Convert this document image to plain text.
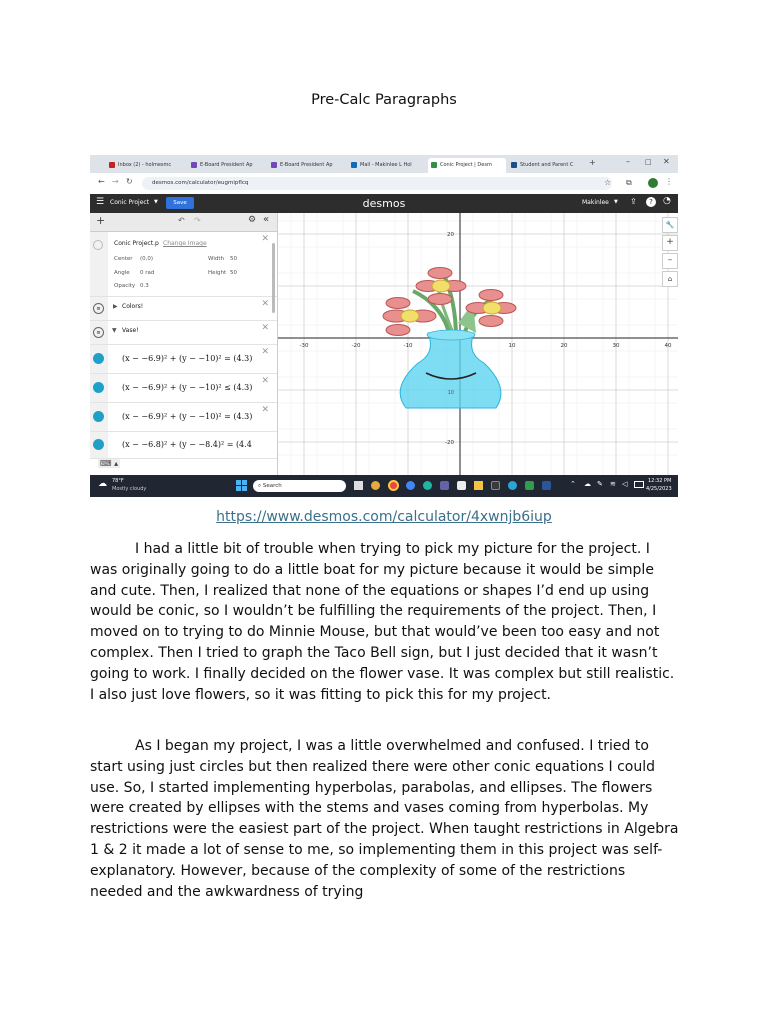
Pre-Calc Paragraphs
Inbox (2) - holmesmc	E-Board President Ap	E-Board President Ap	Mail - Makinlee L Hol	Conic Project | Desm	Student and Parent C	+	– □ ✕
← → ↻	desmos.com/calculator/eugmipflcq	☆ ⧉	⋮
☰ Conic Project ▼	Save	desmos	Makinlee ▼ ⇪	?	◔
+	↶ ↷	⚙ «
Conic Project.p Change Image
Center (0,0)	Width 50
Angle 0 rad	Height 50
Opacity 0.3
✕
≡	▶ Colors!	✕
≡	▼ Vase!	✕
(x − −6.9)² + (y − −10)² = (4.3)
✕
(x − −6.9)² + (y − −10)² ≤ (4.3)
✕
(x − −6.9)² + (y − −10)² = (4.3)
✕
(x − −6.8)² + (y − −8.4)² = (4.4
⌨ ▴
-30	-20	-10	10	20	30	40
20
-20
10
🔧
+
–
⌂
☁ 78°F
Mostly cloudy	⌕ Search	⌃ ☁ ✎ ≋ ◁	12:32 PM
4/25/2023
https://www.desmos.com/calculator/4xwnjb6iup

I had a little bit of trouble when trying to pick my picture for the project. I was originally going to do a little boat for my picture because it would be simple and cute. Then, I realized that none of the equations or shapes I’d end up using would be conic, so I wouldn’t be fulfilling the requirements of the project. Then, I moved on to trying to do Minnie Mouse, but that would’ve been too easy and not complex. Then I tried to graph the Taco Bell sign, but I just decided that it wasn’t going to work. I finally decided on the flower vase. It was complex but still realistic. I also just love flowers, so it was fitting to pick this for my project.

As I began my project, I was a little overwhelmed and confused. I tried to start using just circles but then realized there were other conic equations I could use. So, I started implementing hyperbolas, parabolas, and ellipses. The flowers were created by ellipses with the stems and vases coming from hyperbolas. My restrictions were the easiest part of the project. When taught restrictions in Algebra 1 & 2 it made a lot of sense to me, so implementing them in this project was self-explanatory. However, because of the complexity of some of the restrictions needed and the awkwardness of trying
